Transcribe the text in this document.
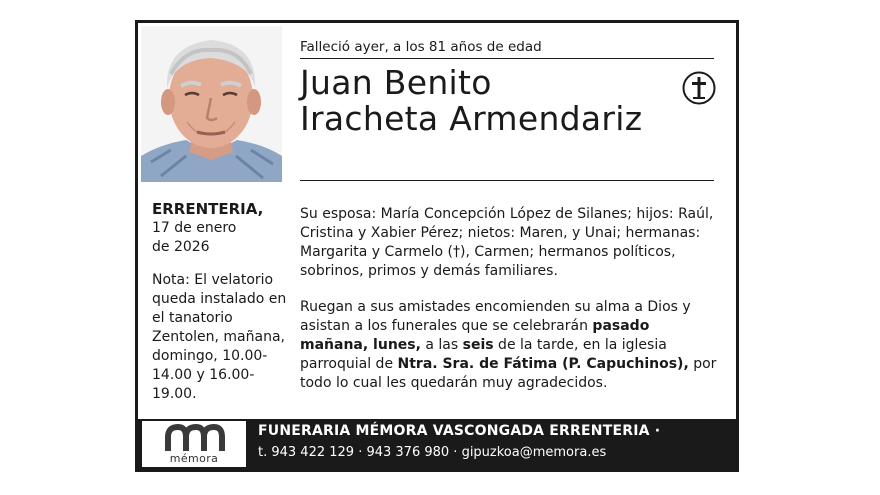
Falleció ayer, a los 81 años de edad
Juan Benito
Iracheta Armendariz
ERRENTERIA,
17 de enero
de 2026
Nota: El velatorio queda instalado en el tanatorio Zentolen, mañana, domingo, 10.00-14.00 y 16.00-19.00.

Su esposa: María Concepción López de Silanes; hijos: Raúl, Cristina y Xabier Pérez; nietos: Maren, y Unai; hermanas: Margarita y Carmelo (†), Carmen; hermanos políticos, sobrinos, primos y demás familiares.

Ruegan a sus amistades encomienden su alma a Dios y asistan a los funerales que se celebrarán pasado mañana, lunes, a las seis de la tarde, en la iglesia parroquial de Ntra. Sra. de Fátima (P. Capuchinos), por todo lo cual les quedarán muy agradecidos.

mémora
FUNERARIA MÉMORA VASCONGADA ERRENTERIA ·
t. 943 422 129 · 943 376 980 · gipuzkoa@memora.es
